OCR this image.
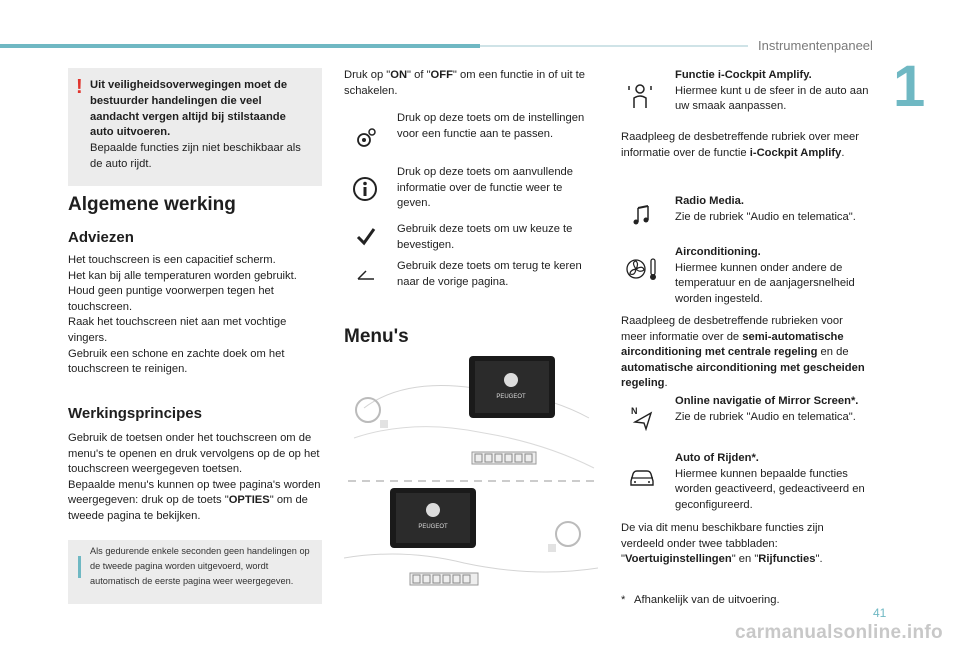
Instrumentenpaneel
1
! Uit veiligheidsoverwegingen moet de bestuurder handelingen die veel aandacht vergen altijd bij stilstaande auto uitvoeren.
Bepaalde functies zijn niet beschikbaar als de auto rijdt.
Algemene werking
Adviezen
Het touchscreen is een capacitief scherm.
Het kan bij alle temperaturen worden gebruikt.
Houd geen puntige voorwerpen tegen het touchscreen.
Raak het touchscreen niet aan met vochtige vingers.
Gebruik een schone en zachte doek om het touchscreen te reinigen.
Werkingsprincipes
Gebruik de toetsen onder het touchscreen om de menu's te openen en druk vervolgens op de op het touchscreen weergegeven toetsen.
Bepaalde menu's kunnen op twee pagina's worden weergegeven: druk op de toets "OPTIES" om de tweede pagina te bekijken.
Als gedurende enkele seconden geen handelingen op de tweede pagina worden uitgevoerd, wordt automatisch de eerste pagina weer weergegeven.
Druk op "ON" of "OFF" om een functie in of uit te schakelen.
Druk op deze toets om de instellingen voor een functie aan te passen.
Druk op deze toets om aanvullende informatie over de functie weer te geven.
Gebruik deze toets om uw keuze te bevestigen.
Gebruik deze toets om terug te keren naar de vorige pagina.
Menu's
PEUGEOT
PEUGEOT
Functie i-Cockpit Amplify.
Hiermee kunt u de sfeer in de auto aan uw smaak aanpassen.
Raadpleeg de desbetreffende rubriek over meer informatie over de functie i-Cockpit Amplify.
Radio Media.
Zie de rubriek "Audio en telematica".
Airconditioning.
Hiermee kunnen onder andere de temperatuur en de aanjagersnelheid worden ingesteld.
Raadpleeg de desbetreffende rubrieken voor meer informatie over de semi-automatische airconditioning met centrale regeling en de automatische airconditioning met gescheiden regeling.
N
Online navigatie of Mirror Screen*.
Zie de rubriek "Audio en telematica".
Auto of Rijden*.
Hiermee kunnen bepaalde functies worden geactiveerd, gedeactiveerd en geconfigureerd.
De via dit menu beschikbare functies zijn verdeeld onder twee tabbladen: "Voertuiginstellingen" en "Rijfuncties".
*   Afhankelijk van de uitvoering.
41
carmanualsonline.info
